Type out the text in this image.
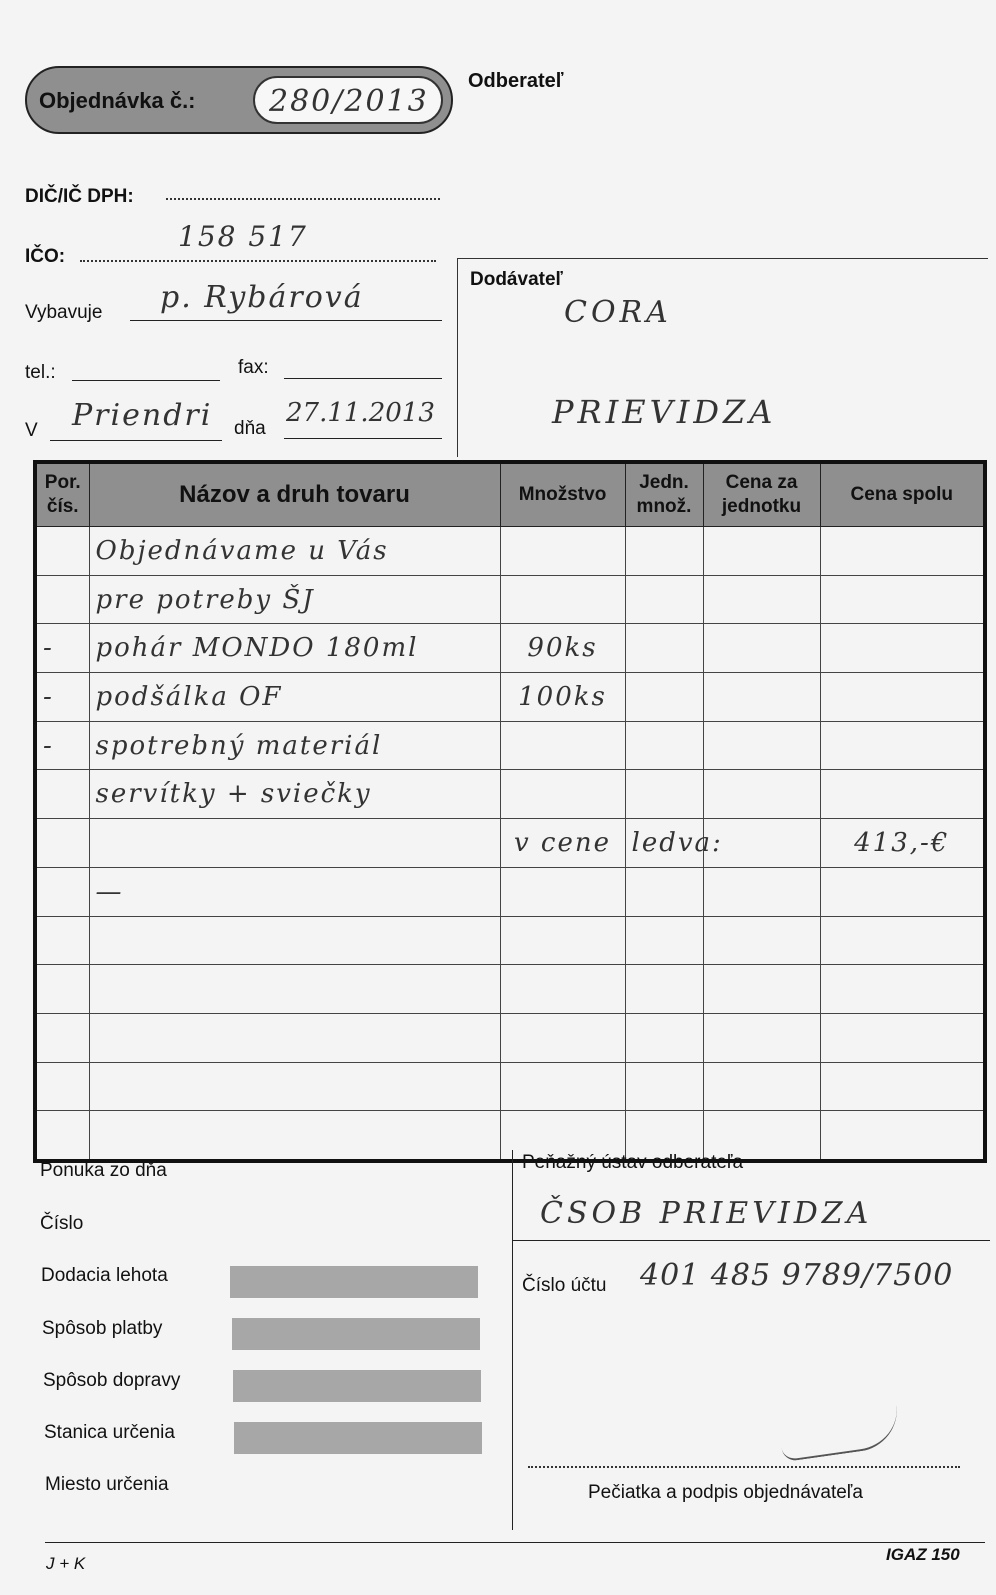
Objednávka č.: 280/2013
Odberateľ
DIČ/IČ DPH:
IČO:
158 517
Vybavuje p. Rybárová
tel.:	fax:
V Priendri dňa
27.11.2013
Dodávateľ
CORA
PRIEVIDZA
Por. čís.	Názov a druh tovaru	Množstvo	Jedn. množ.	Cena za jednotku	Cena spolu
	Objednávame u Vás				
	pre potreby ŠJ				
-	pohár MONDO 180ml	90ks			
-	podšálka OF	100ks			
-	spotrebný materiál				
	servítky + sviečky				
		v cene	ledva:		413,-€
	—				

Ponuka zo dňa
Číslo
Dodacia lehota
Spôsob platby
Spôsob dopravy
Stanica určenia
Miesto určenia
Peňažný ústav odberateľa
ČSOB PRIEVIDZA
Číslo účtu 401 485 9789/7500
Pečiatka a podpis objednávateľa
J + K	IGAZ 150
